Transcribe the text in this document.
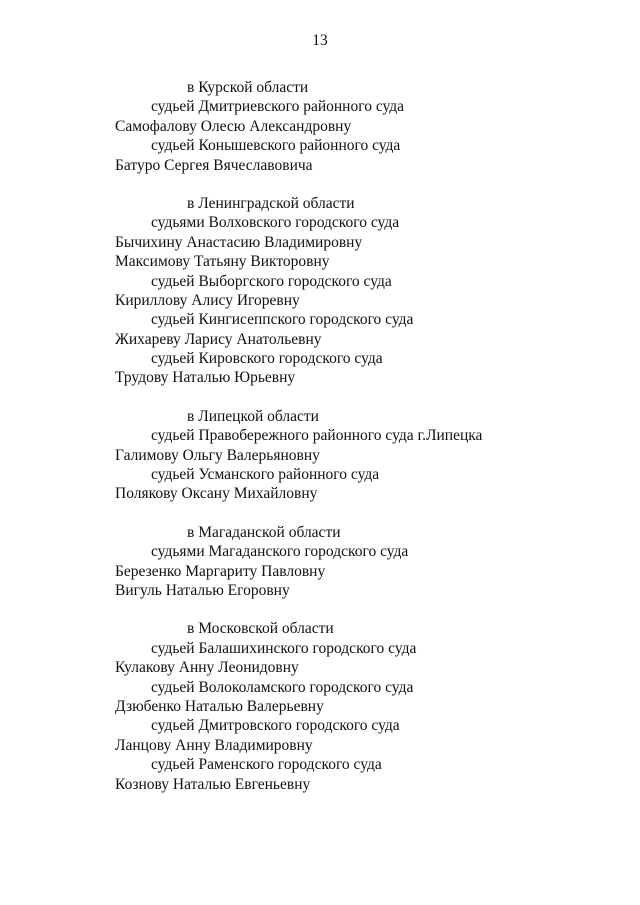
13
в Курской области
судьей Дмитриевского районного суда
Самофалову Олесю Александровну
судьей Конышевского районного суда
Батуро Сергея Вячеславовича
в Ленинградской области
судьями Волховского городского суда
Бычихину Анастасию Владимировну
Максимову Татьяну Викторовну
судьей Выборгского городского суда
Кириллову Алису Игоревну
судьей Кингисеппского городского суда
Жихареву Ларису Анатольевну
судьей Кировского городского суда
Трудову Наталью Юрьевну
в Липецкой области
судьей Правобережного районного суда г.Липецка
Галимову Ольгу Валерьяновну
судьей Усманского районного суда
Полякову Оксану Михайловну
в Магаданской области
судьями Магаданского городского суда
Березенко Маргариту Павловну
Вигуль Наталью Егоровну
в Московской области
судьей Балашихинского городского суда
Кулакову Анну Леонидовну
судьей Волоколамского городского суда
Дзюбенко Наталью Валерьевну
судьей Дмитровского городского суда
Ланцову Анну Владимировну
судьей Раменского городского суда
Кознову Наталью Евгеньевну
